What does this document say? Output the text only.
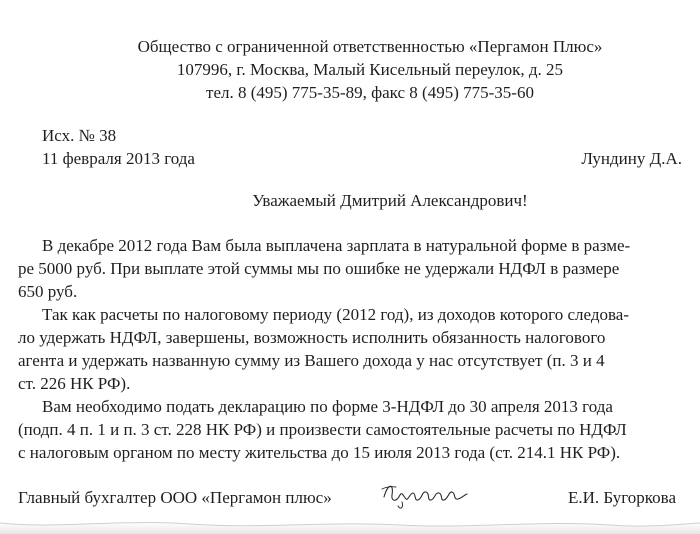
Общество с ограниченной ответственностью «Пергамон Плюс»
107996, г. Москва, Малый Кисельный переулок, д. 25
тел. 8 (495) 775-35-89, факс 8 (495) 775-35-60
Исх. № 38
11 февраля 2013 года	Лундину Д.А.
Уважаемый Дмитрий Александрович!
В декабре 2012 года Вам была выплачена зарплата в натуральной форме в разме-
ре 5000 руб. При выплате этой суммы мы по ошибке не удержали НДФЛ в размере
650 руб.
Так как расчеты по налоговому периоду (2012 год), из доходов которого следова-
ло удержать НДФЛ, завершены, возможность исполнить обязанность налогового
агента и удержать названную сумму из Вашего дохода у нас отсутствует (п. 3 и 4
ст. 226 НК РФ).
Вам необходимо подать декларацию по форме 3-НДФЛ до 30 апреля 2013 года
(подп. 4 п. 1 и п. 3 ст. 228 НК РФ) и произвести самостоятельные расчеты по НДФЛ
с налоговым органом по месту жительства до 15 июля 2013 года (ст. 214.1 НК РФ).
Главный бухгалтер ООО «Пергамон плюс»	Е.И. Бугоркова
